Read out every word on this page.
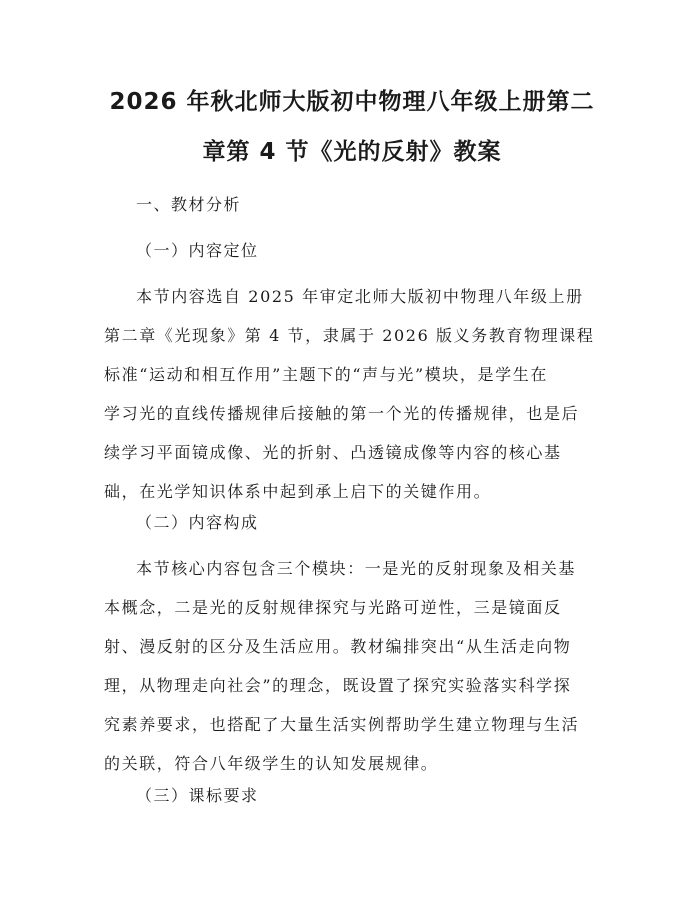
2026 年秋北师大版初中物理八年级上册第二
章第 4 节《光的反射》教案
一、教材分析
（一）内容定位
本节内容选自 2025 年审定北师大版初中物理八年级上册
第二章《光现象》第 4 节，隶属于 2026 版义务教育物理课程
标准“运动和相互作用”主题下的“声与光”模块，是学生在
学习光的直线传播规律后接触的第一个光的传播规律，也是后
续学习平面镜成像、光的折射、凸透镜成像等内容的核心基
础，在光学知识体系中起到承上启下的关键作用。
（二）内容构成
本节核心内容包含三个模块：一是光的反射现象及相关基
本概念，二是光的反射规律探究与光路可逆性，三是镜面反
射、漫反射的区分及生活应用。教材编排突出“从生活走向物
理，从物理走向社会”的理念，既设置了探究实验落实科学探
究素养要求，也搭配了大量生活实例帮助学生建立物理与生活
的关联，符合八年级学生的认知发展规律。
（三）课标要求
